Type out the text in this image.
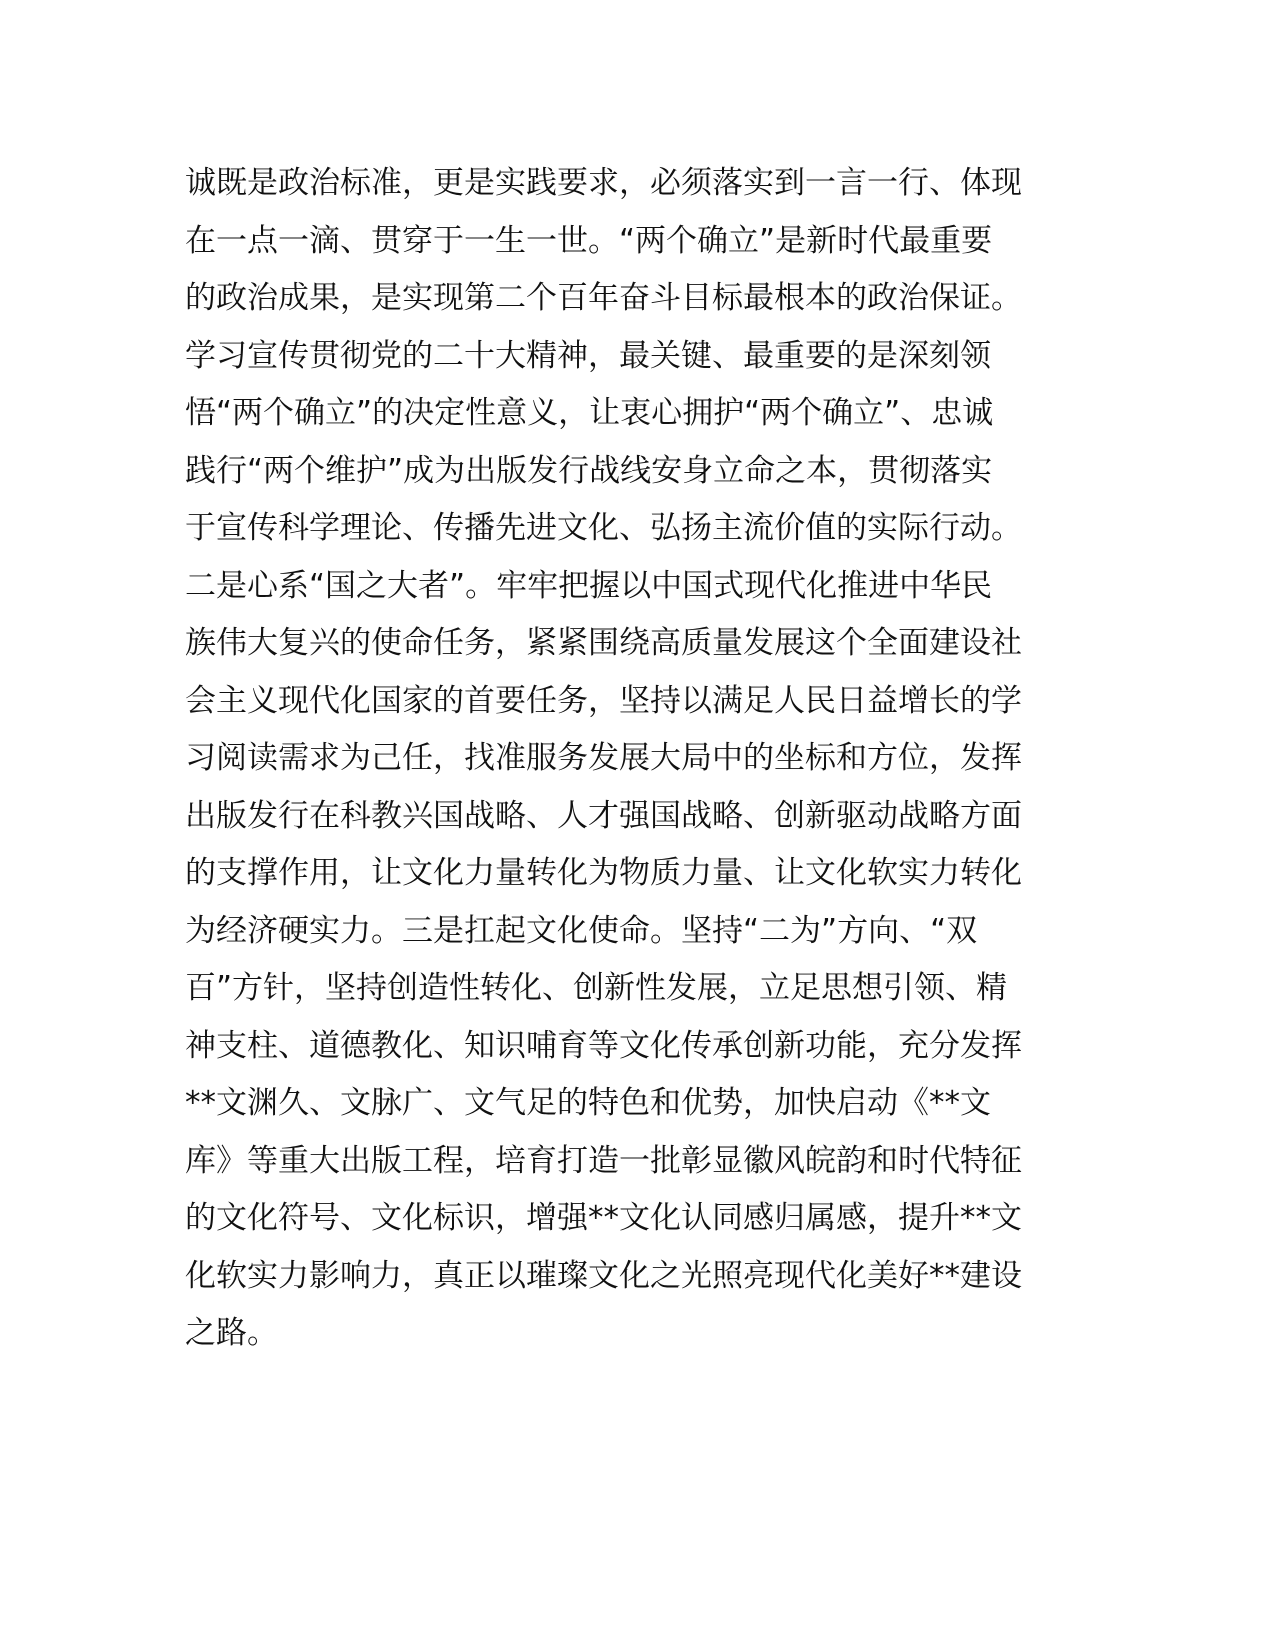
诚既是政治标准，更是实践要求，必须落实到一言一行、体现
在一点一滴、贯穿于一生一世。“两个确立”是新时代最重要
的政治成果，是实现第二个百年奋斗目标最根本的政治保证。
学习宣传贯彻党的二十大精神，最关键、最重要的是深刻领
悟“两个确立”的决定性意义，让衷心拥护“两个确立”、忠诚
践行“两个维护”成为出版发行战线安身立命之本，贯彻落实
于宣传科学理论、传播先进文化、弘扬主流价值的实际行动。
二是心系“国之大者”。牢牢把握以中国式现代化推进中华民
族伟大复兴的使命任务，紧紧围绕高质量发展这个全面建设社
会主义现代化国家的首要任务，坚持以满足人民日益增长的学
习阅读需求为己任，找准服务发展大局中的坐标和方位，发挥
出版发行在科教兴国战略、人才强国战略、创新驱动战略方面
的支撑作用，让文化力量转化为物质力量、让文化软实力转化
为经济硬实力。三是扛起文化使命。坚持“二为”方向、“双
百”方针，坚持创造性转化、创新性发展，立足思想引领、精
神支柱、道德教化、知识哺育等文化传承创新功能，充分发挥
**文渊久、文脉广、文气足的特色和优势，加快启动《**文
库》等重大出版工程，培育打造一批彰显徽风皖韵和时代特征
的文化符号、文化标识，增强**文化认同感归属感，提升**文
化软实力影响力，真正以璀璨文化之光照亮现代化美好**建设
之路。
